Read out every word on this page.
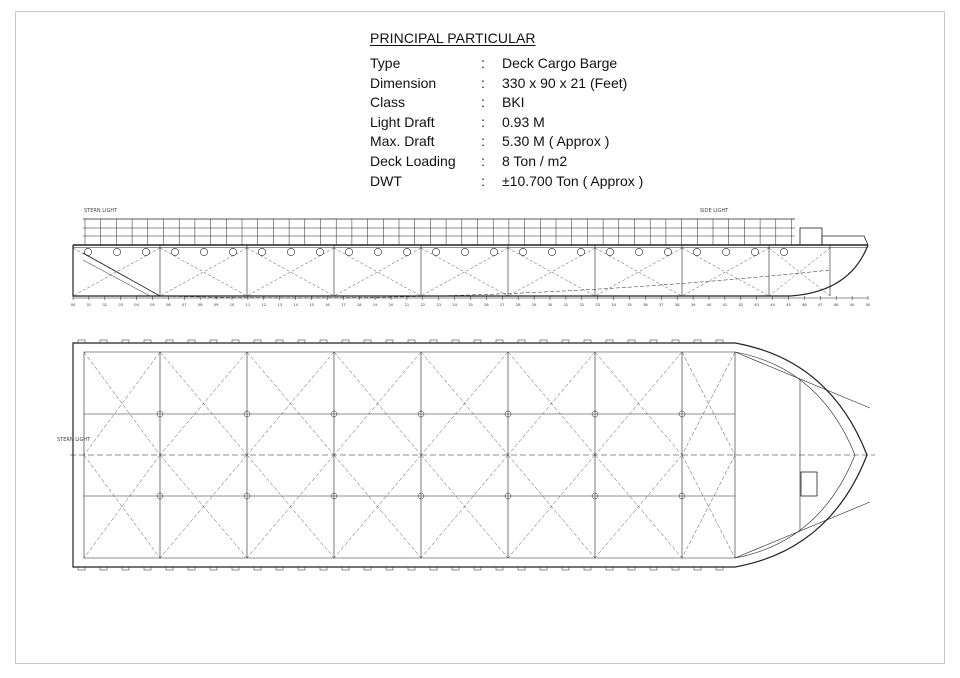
PRINCIPAL PARTICULAR
Type	:	Deck Cargo Barge
Dimension	:	330 x 90 x 21 (Feet)
Class	:	BKI
Light Draft	:	0.93 M
Max. Draft	:	5.30 M ( Approx )
Deck Loading	:	8 Ton / m2
DWT	:	±10.700 Ton ( Approx )
STERN LIGHT	SIDE LIGHT
00	01	02	03	04	05	06	07	08	09	10	11	12	13	14	15	16	17	18	19	20	21	22	23	24	25	26	27	28	29	30	31	32	33	34	35	36	37	38	39	40	41	42	43	44	45	46	47	48	49	50
STERN LIGHT
